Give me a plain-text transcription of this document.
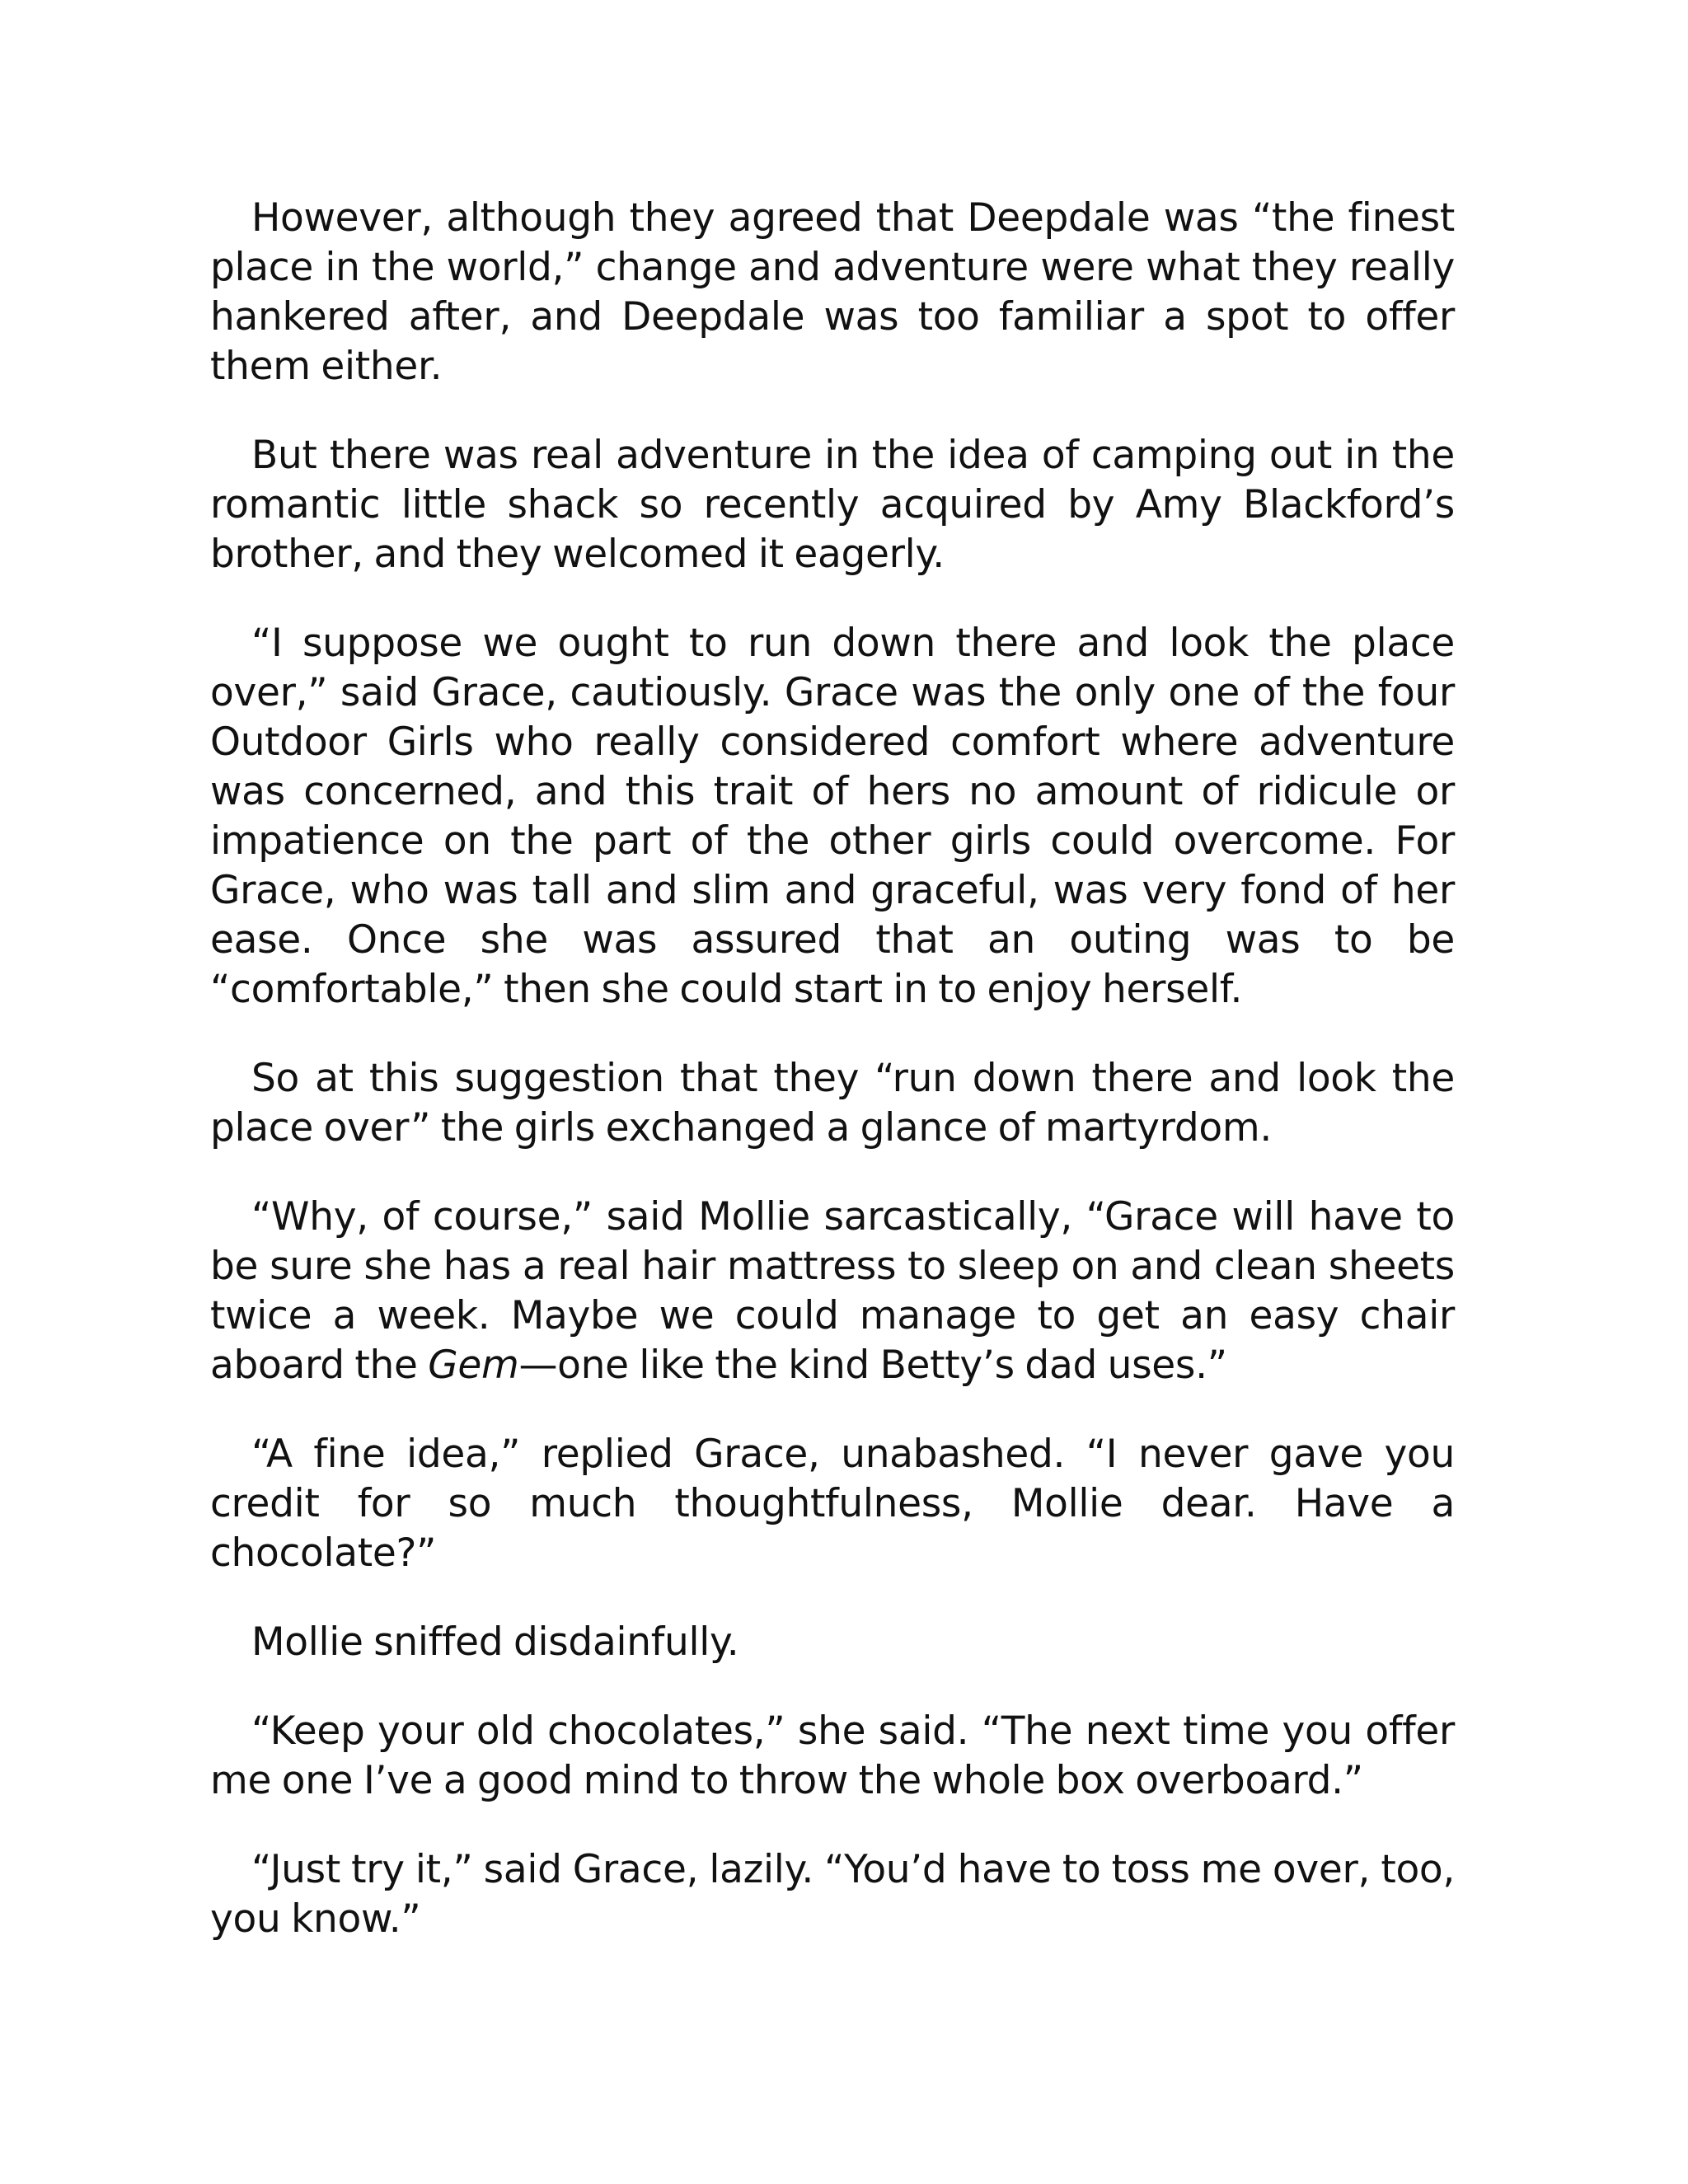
However, although they agreed that Deepdale was “the finest place in the world,” change and adventure were what they really hankered after, and Deepdale was too familiar a spot to offer them either.

But there was real adventure in the idea of camping out in the romantic little shack so recently acquired by Amy Blackford’s brother, and they welcomed it eagerly.

“I suppose we ought to run down there and look the place over,” said Grace, cautiously. Grace was the only one of the four Outdoor Girls who really considered comfort where adventure was concerned, and this trait of hers no amount of ridicule or impatience on the part of the other girls could overcome. For Grace, who was tall and slim and graceful, was very fond of her ease. Once she was assured that an outing was to be “comfortable,” then she could start in to enjoy herself.

So at this suggestion that they “run down there and look the place over” the girls exchanged a glance of martyrdom.

“Why, of course,” said Mollie sarcastically, “Grace will have to be sure she has a real hair mattress to sleep on and clean sheets twice a week. Maybe we could manage to get an easy chair aboard the Gem—one like the kind Betty’s dad uses.”

“A fine idea,” replied Grace, unabashed. “I never gave you credit for so much thoughtfulness, Mollie dear. Have a chocolate?”

Mollie sniffed disdainfully.

“Keep your old chocolates,” she said. “The next time you offer me one I’ve a good mind to throw the whole box overboard.”

“Just try it,” said Grace, lazily. “You’d have to toss me over, too, you know.”
